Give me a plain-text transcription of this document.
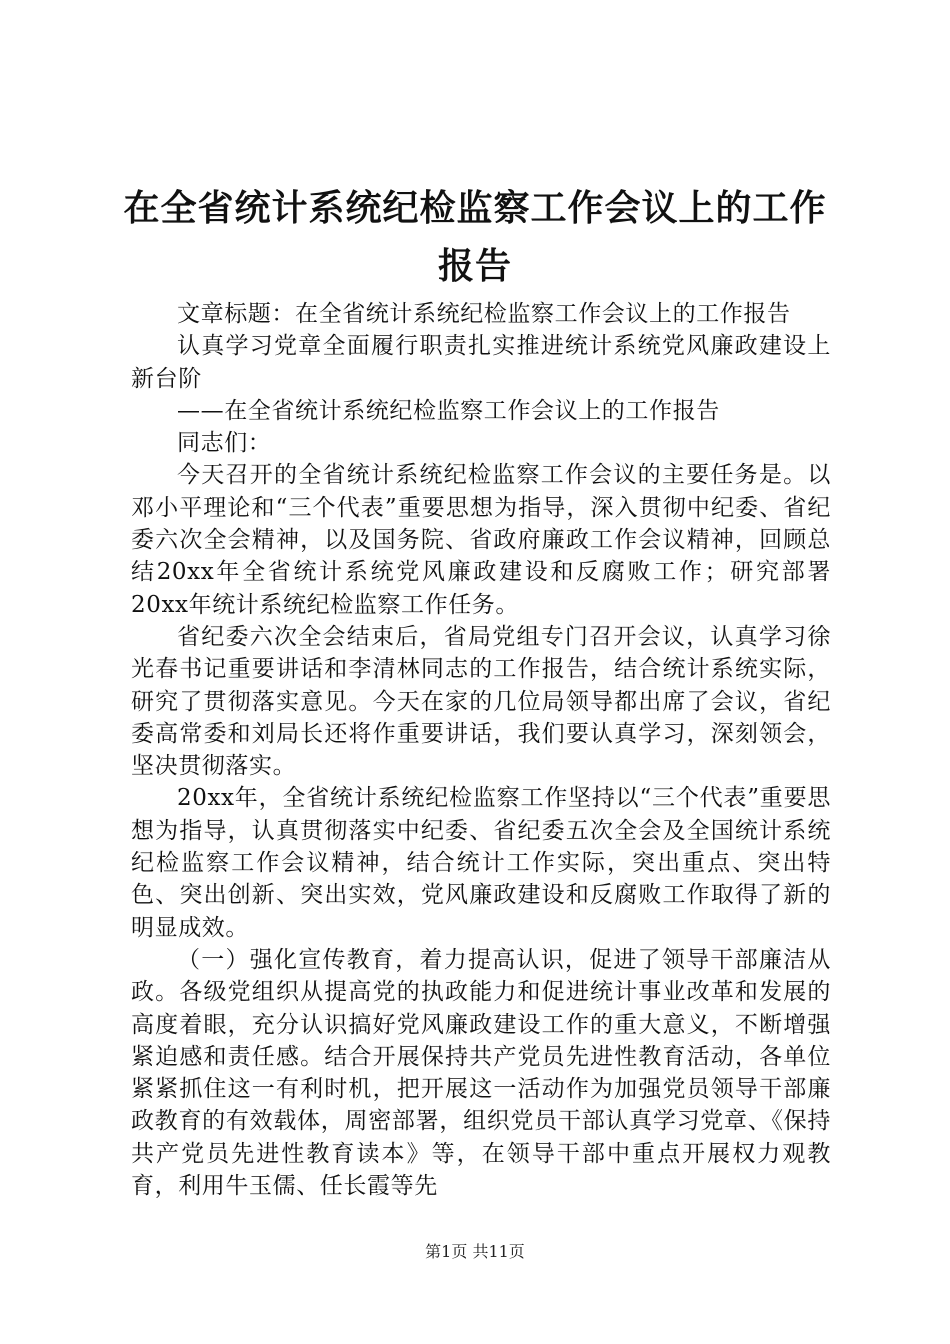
在全省统计系统纪检监察工作会议上的工作报告

文章标题：在全省统计系统纪检监察工作会议上的工作报告

认真学习党章全面履行职责扎实推进统计系统党风廉政建设上新台阶

——在全省统计系统纪检监察工作会议上的工作报告

同志们：

今天召开的全省统计系统纪检监察工作会议的主要任务是。以邓小平理论和“三个代表”重要思想为指导，深入贯彻中纪委、省纪委六次全会精神，以及国务院、省政府廉政工作会议精神，回顾总结20xx年全省统计系统党风廉政建设和反腐败工作；研究部署20xx年统计系统纪检监察工作任务。

省纪委六次全会结束后，省局党组专门召开会议，认真学习徐光春书记重要讲话和李清林同志的工作报告，结合统计系统实际，研究了贯彻落实意见。今天在家的几位局领导都出席了会议，省纪委高常委和刘局长还将作重要讲话，我们要认真学习，深刻领会，坚决贯彻落实。

20xx年，全省统计系统纪检监察工作坚持以“三个代表”重要思想为指导，认真贯彻落实中纪委、省纪委五次全会及全国统计系统纪检监察工作会议精神，结合统计工作实际，突出重点、突出特色、突出创新、突出实效，党风廉政建设和反腐败工作取得了新的明显成效。

（一）强化宣传教育，着力提高认识，促进了领导干部廉洁从政。各级党组织从提高党的执政能力和促进统计事业改革和发展的高度着眼，充分认识搞好党风廉政建设工作的重大意义，不断增强紧迫感和责任感。结合开展保持共产党员先进性教育活动，各单位紧紧抓住这一有利时机，把开展这一活动作为加强党员领导干部廉政教育的有效载体，周密部署，组织党员干部认真学习党章、《保持共产党员先进性教育读本》等，在领导干部中重点开展权力观教育，利用牛玉儒、任长霞等先

第1页 共11页
